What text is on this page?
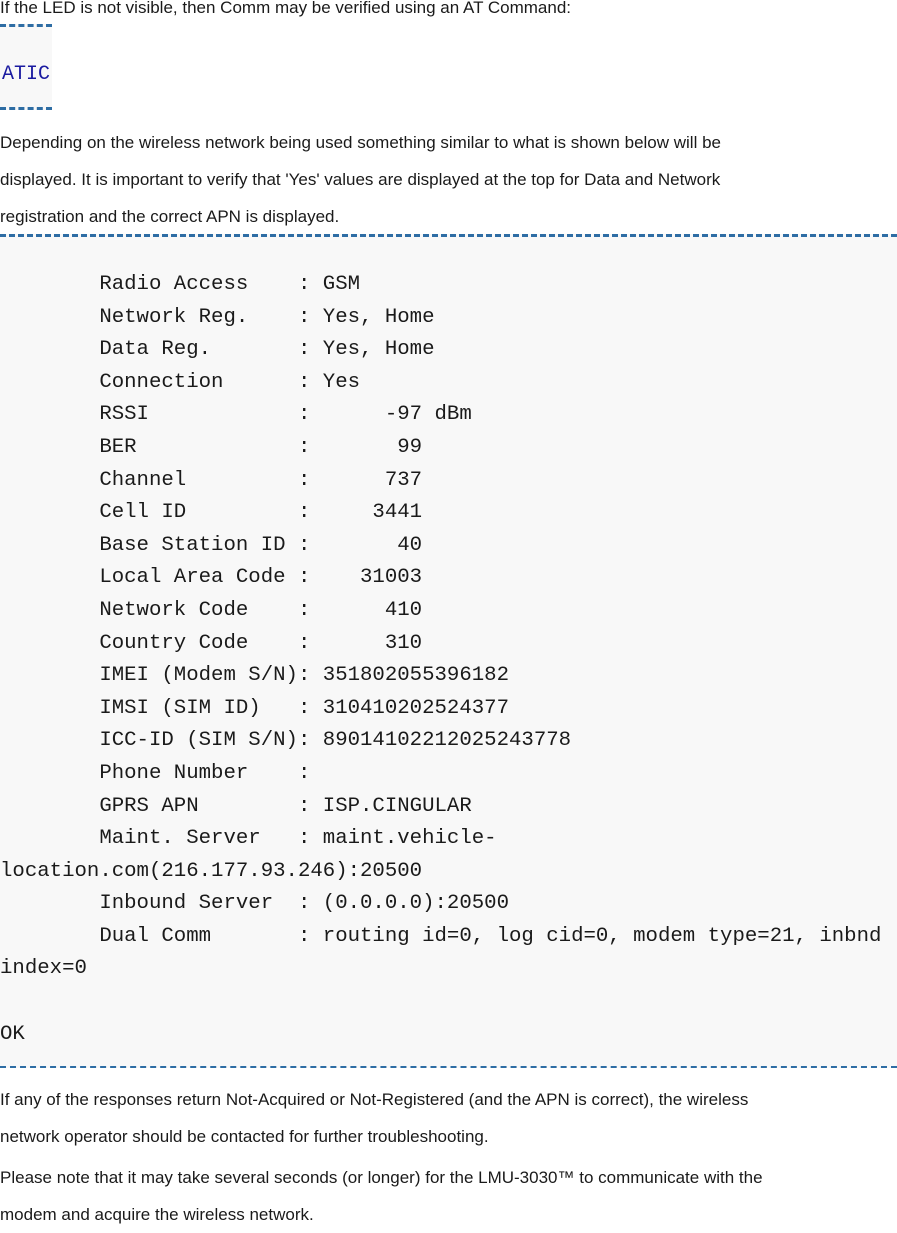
If the LED is not visible, then Comm may be verified using an AT Command:

ATIC

Depending on the wireless network being used something similar to what is shown below will be

displayed. It is important to verify that 'Yes' values are displayed at the top for Data and Network

registration and the correct APN is displayed.

Radio Access    : GSM
Network Reg.    : Yes, Home
Data Reg.       : Yes, Home
Connection      : Yes
RSSI            :      -97 dBm
BER             :       99
Channel         :      737
Cell ID         :     3441
Base Station ID :       40
Local Area Code :    31003
Network Code    :      410
Country Code    :      310
IMEI (Modem S/N): 351802055396182
IMSI (SIM ID)   : 310410202524377
ICC-ID (SIM S/N): 89014102212025243778
Phone Number    :
GPRS APN        : ISP.CINGULAR
Maint. Server   : maint.vehicle-
location.com(216.177.93.246):20500
Inbound Server  : (0.0.0.0):20500
Dual Comm       : routing id=0, log cid=0, modem type=21, inbnd
index=0

OK

If any of the responses return Not-Acquired or Not-Registered (and the APN is correct), the wireless

network operator should be contacted for further troubleshooting.

Please note that it may take several seconds (or longer) for the LMU-3030™ to communicate with the

modem and acquire the wireless network.
